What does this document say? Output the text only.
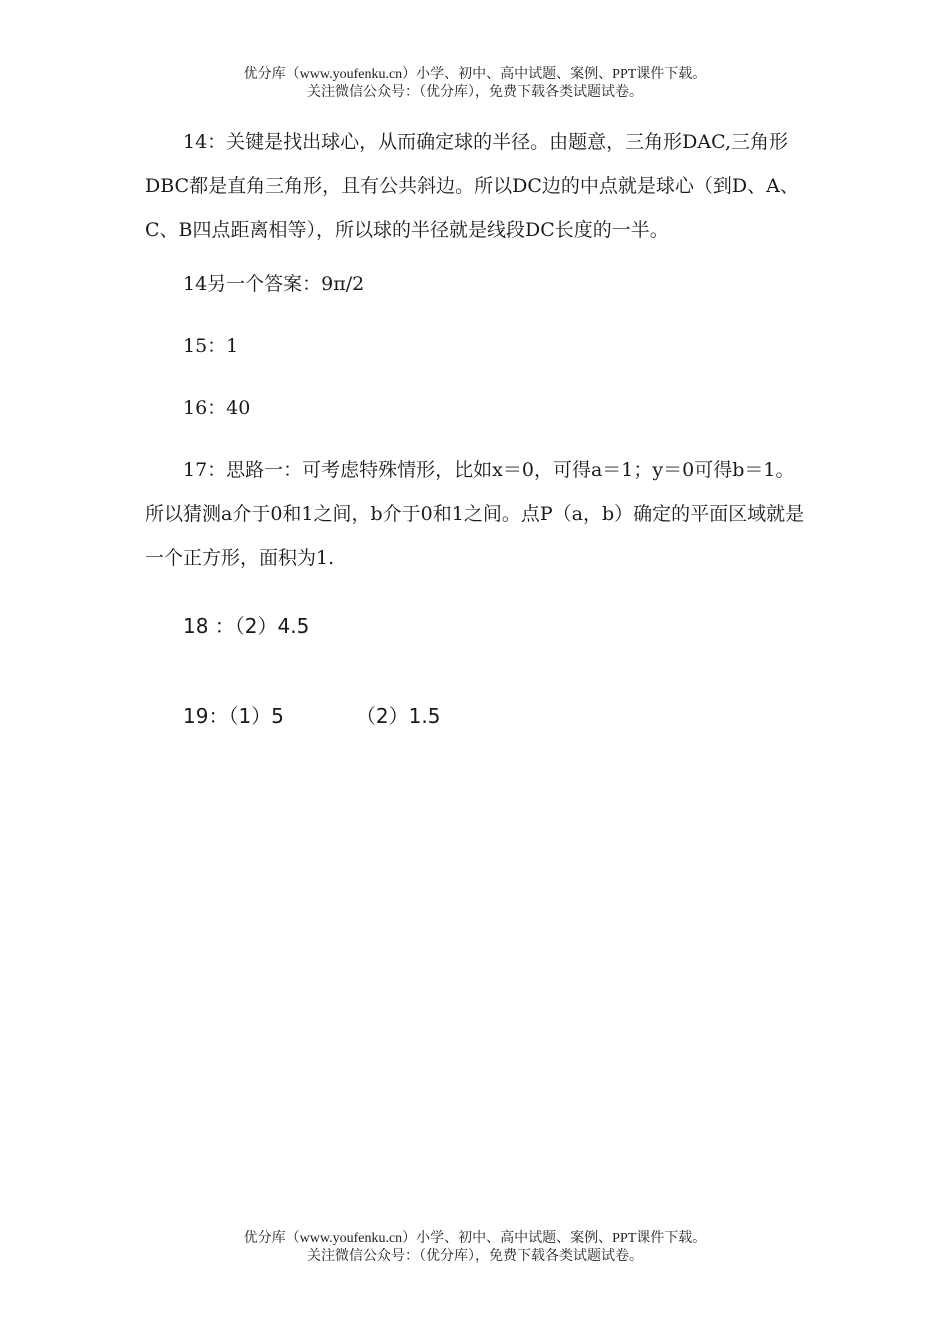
优分库（www.youfenku.cn）小学、初中、高中试题、案例、PPT课件下载。
关注微信公众号：（优分库），免费下载各类试题试卷。

14：关键是找出球心，从而确定球的半径。由题意，三角形DAC,三角形DBC都是直角三角形，且有公共斜边。所以DC边的中点就是球心（到D、A、C、B四点距离相等），所以球的半径就是线段DC长度的一半。

14另一个答案：9π/2

15：1

16：40

17：思路一：可考虑特殊情形，比如x＝0，可得a＝1；y＝0可得b＝1。所以猜测a介于0和1之间，b介于0和1之间。点P（a，b）确定的平面区域就是一个正方形，面积为1.

18 ：（2）4.5

19：（1）5	（2）1.5

优分库（www.youfenku.cn）小学、初中、高中试题、案例、PPT课件下载。
关注微信公众号：（优分库），免费下载各类试题试卷。
